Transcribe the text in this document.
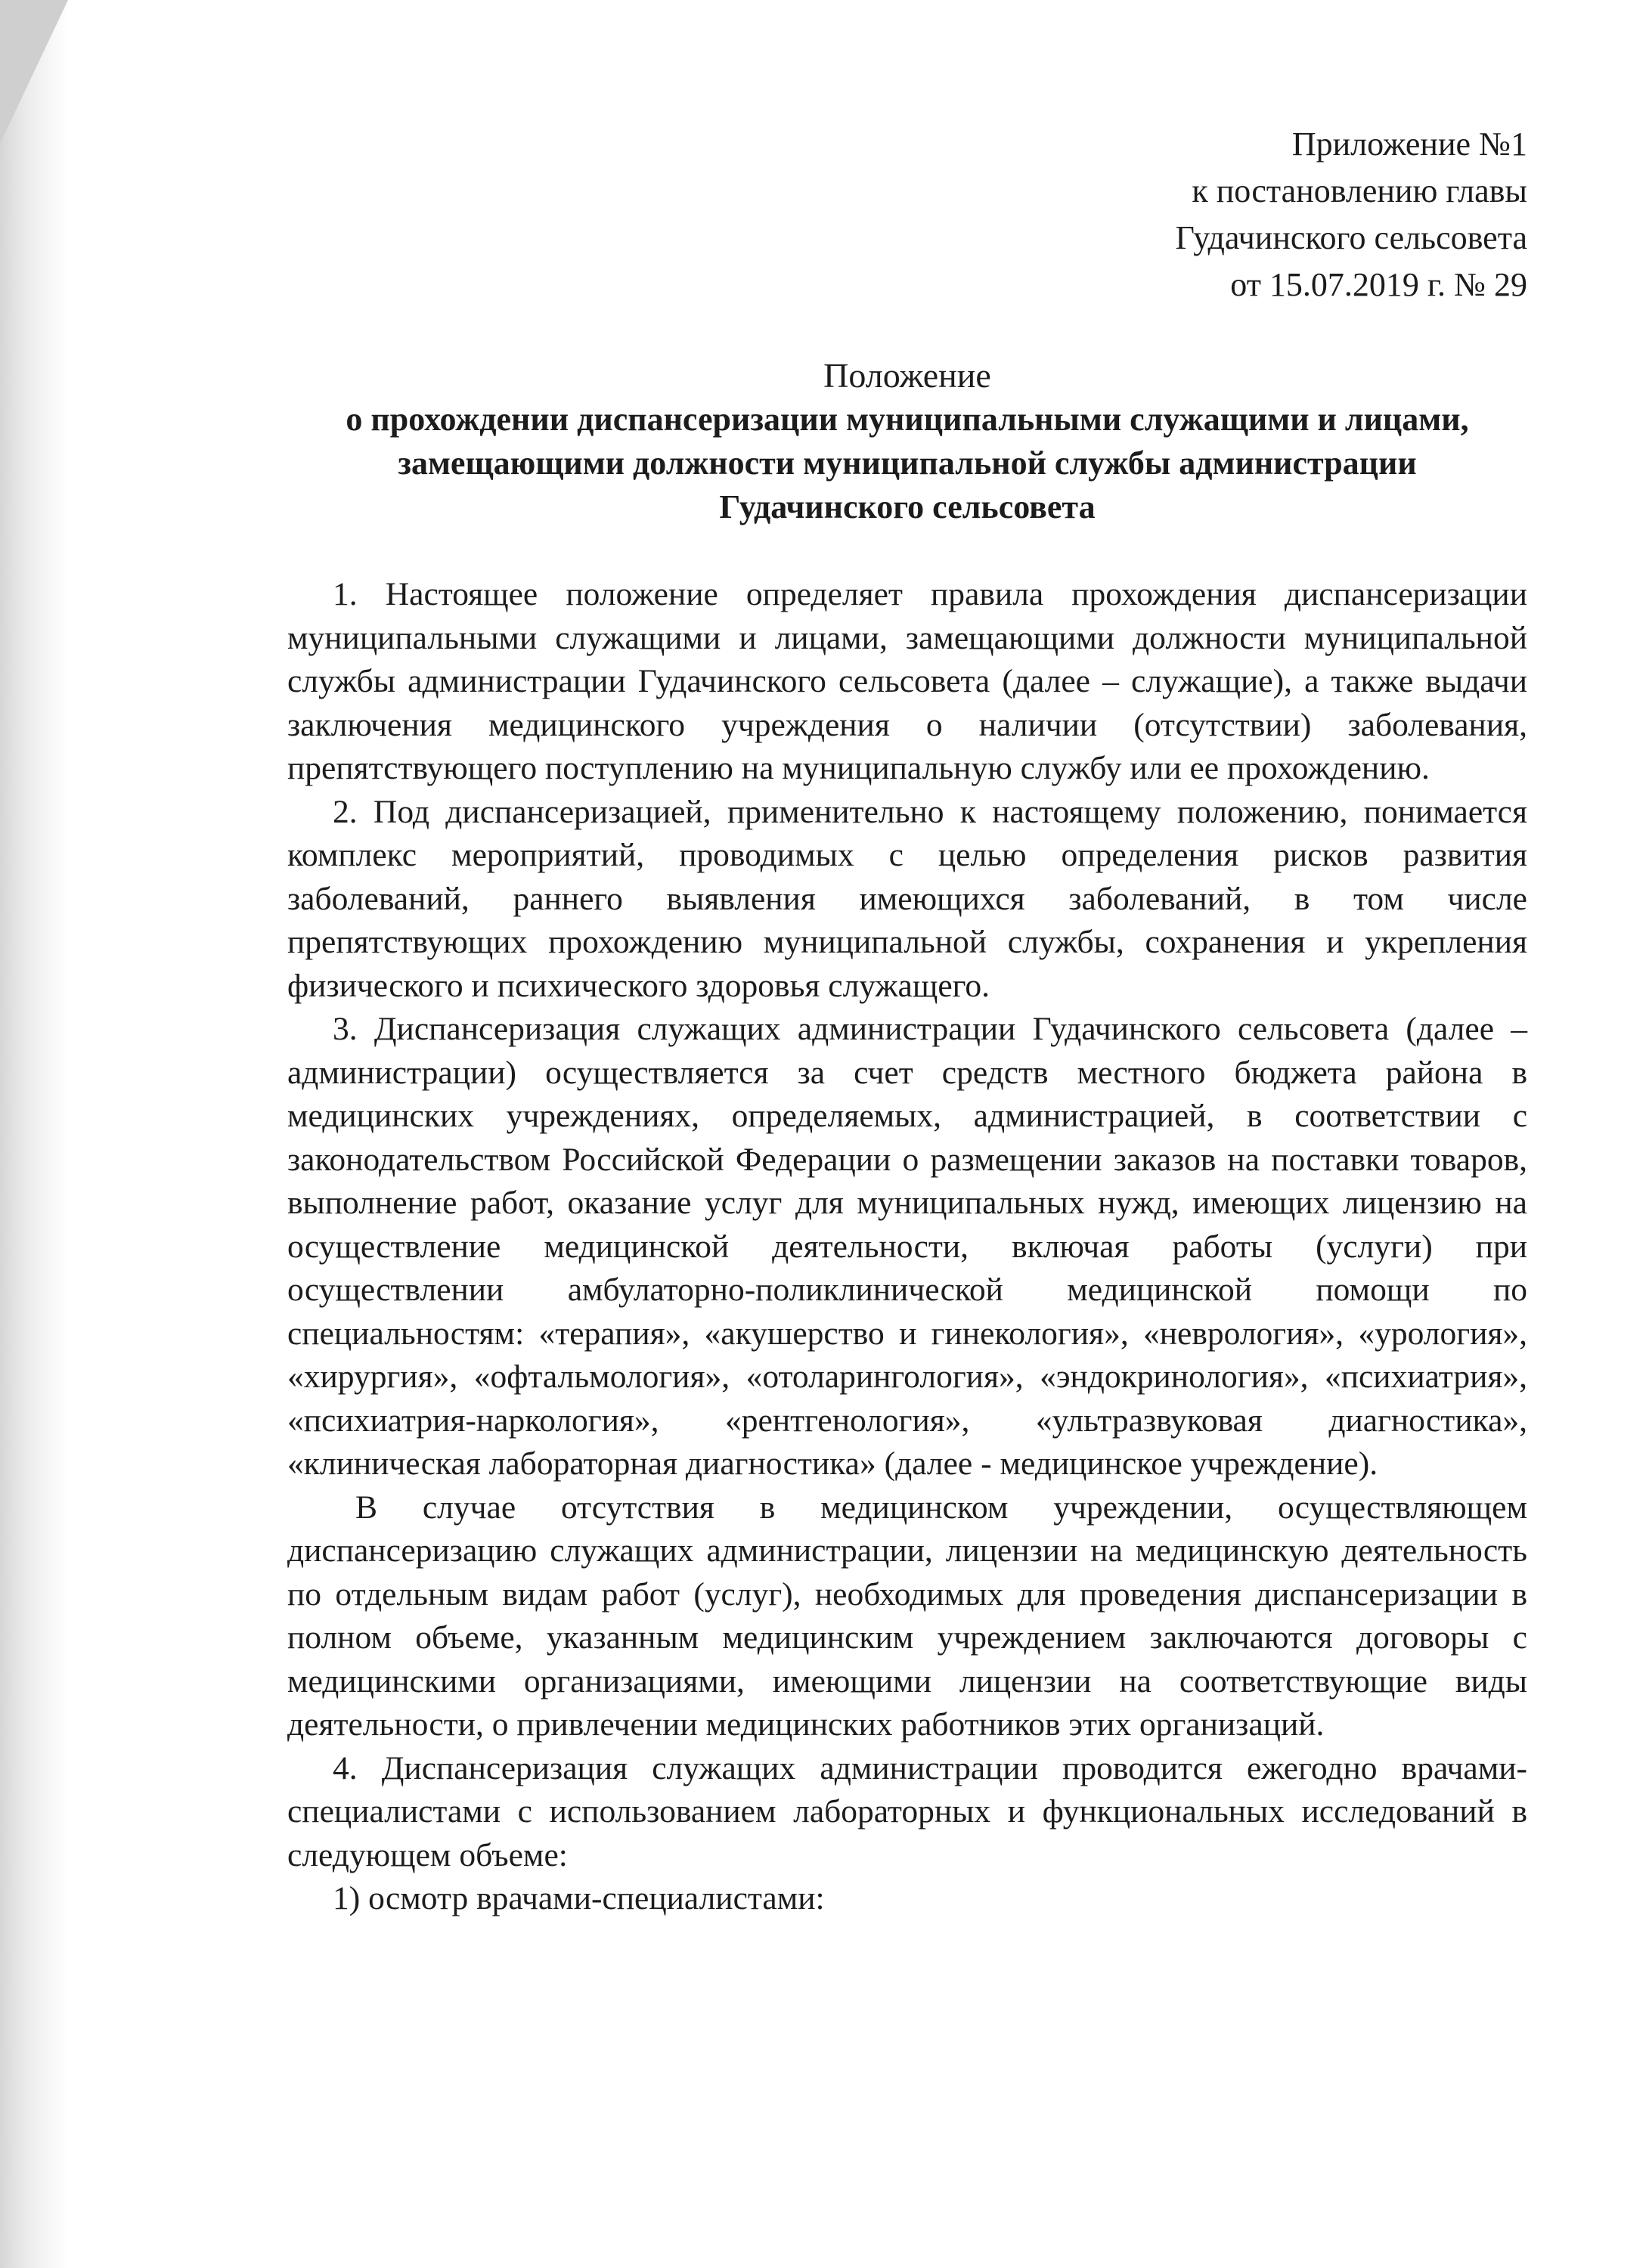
Приложение №1
к постановлению главы
Гудачинского сельсовета
от 15.07.2019 г. № 29
Положение
о прохождении диспансеризации муниципальными служащими и лицами,
замещающими должности муниципальной службы администрации
Гудачинского сельсовета

1. Настоящее положение определяет правила прохождения диспансеризации муниципальными служащими и лицами, замещающими должности муниципальной службы администрации Гудачинского сельсовета (далее – служащие), а также выдачи заключения медицинского учреждения о наличии (отсутствии) заболевания, препятствующего поступлению на муниципальную службу или ее прохождению.

2. Под диспансеризацией, применительно к настоящему положению, понимается комплекс мероприятий, проводимых с целью определения рисков развития заболеваний, раннего выявления имеющихся заболеваний, в том числе препятствующих прохождению муниципальной службы, сохранения и укрепления физического и психического здоровья служащего.

3. Диспансеризация служащих администрации Гудачинского сельсовета (далее – администрации) осуществляется за счет средств местного бюджета района в медицинских учреждениях, определяемых, администрацией, в соответствии с законодательством Российской Федерации о размещении заказов на поставки товаров, выполнение работ, оказание услуг для муниципальных нужд, имеющих лицензию на осуществление медицинской деятельности, включая работы (услуги) при осуществлении амбулаторно-поликлинической медицинской помощи по специальностям: «терапия», «акушерство и гинекология», «неврология», «урология», «хирургия», «офтальмология», «отоларингология», «эндокринология», «психиатрия», «психиатрия-наркология», «рентгенология», «ультразвуковая диагностика», «клиническая лабораторная диагностика» (далее - медицинское учреждение).

В случае отсутствия в медицинском учреждении, осуществляющем диспансеризацию служащих администрации, лицензии на медицинскую деятельность по отдельным видам работ (услуг), необходимых для проведения диспансеризации в полном объеме, указанным медицинским учреждением заключаются договоры с медицинскими организациями, имеющими лицензии на соответствующие виды деятельности, о привлечении медицинских работников этих организаций.

4. Диспансеризация служащих администрации проводится ежегодно врачами-специалистами с использованием лабораторных и функциональных исследований в следующем объеме:

1) осмотр врачами-специалистами:
